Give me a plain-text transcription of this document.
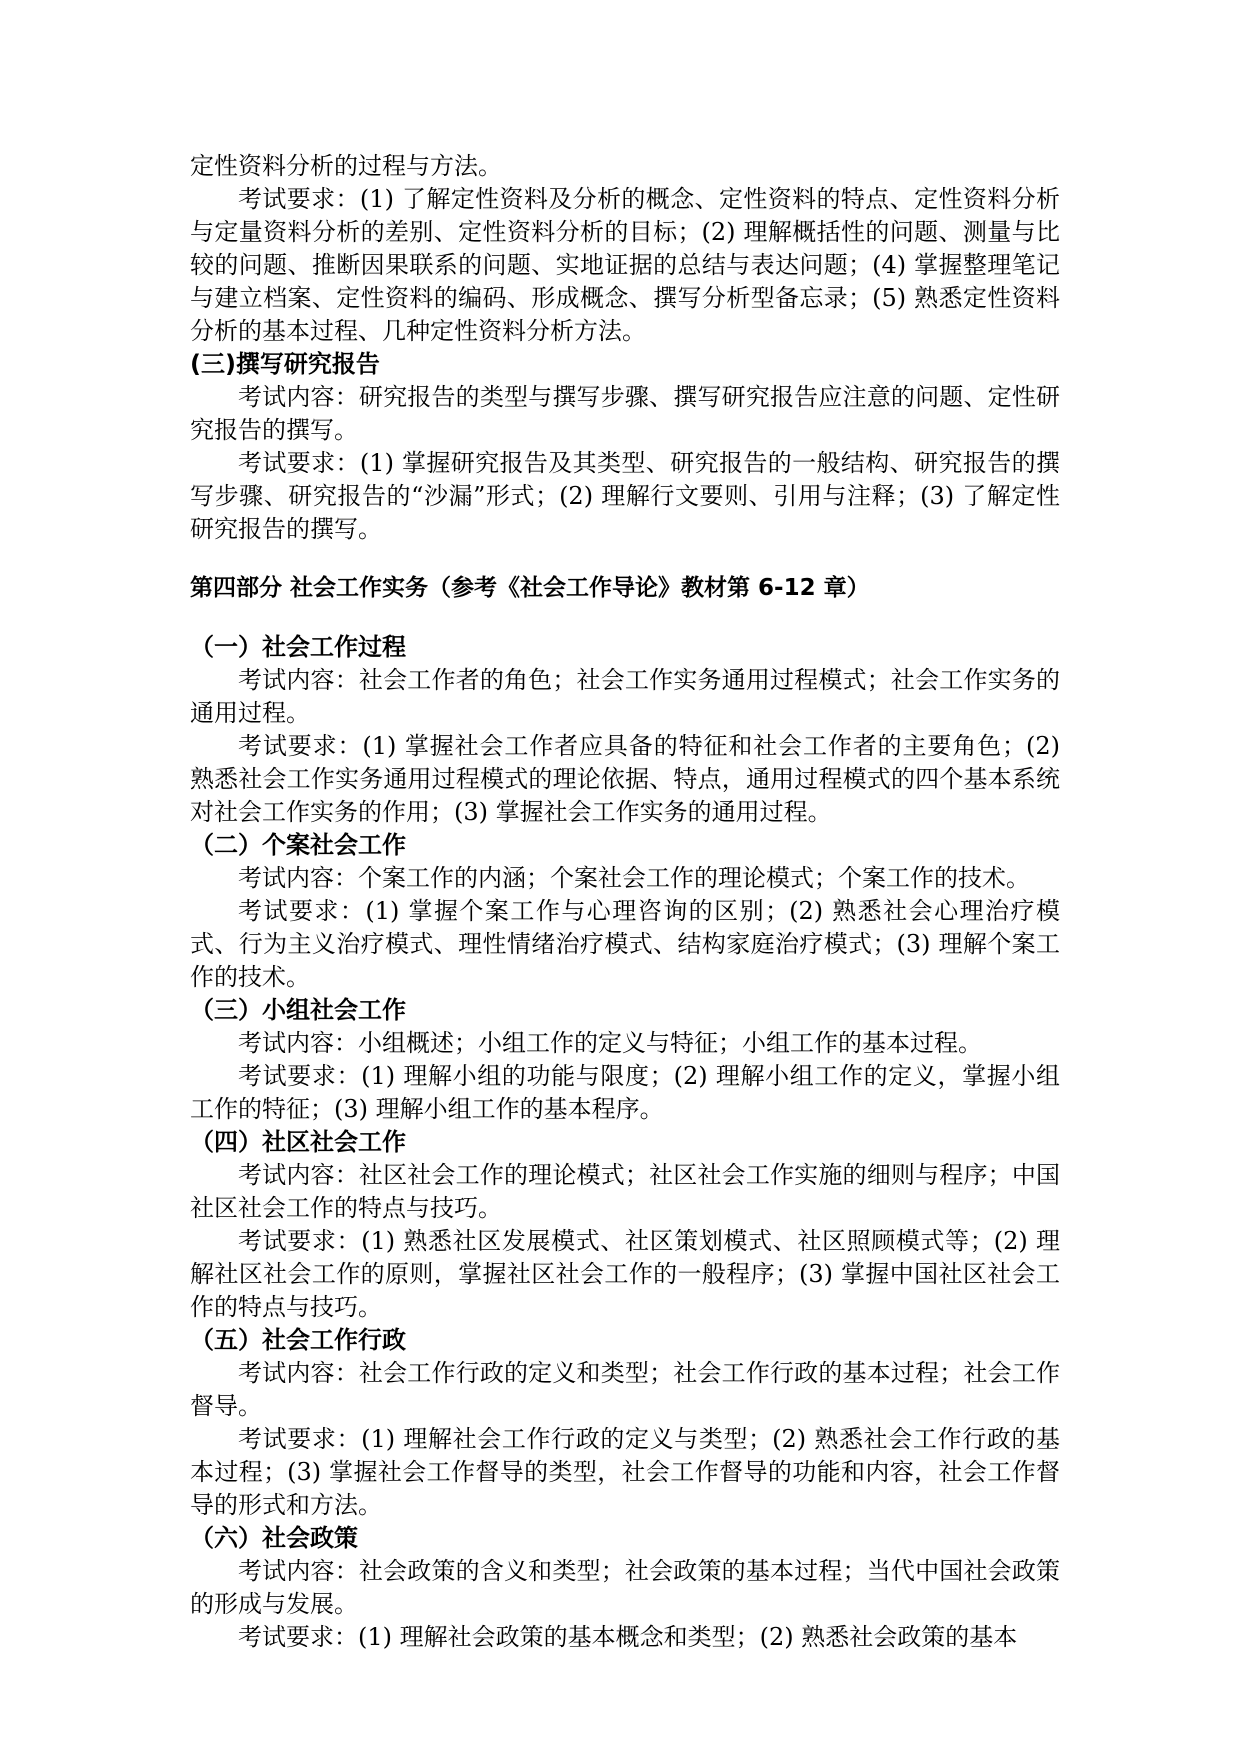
定性资料分析的过程与方法。

考试要求：(1) 了解定性资料及分析的概念、定性资料的特点、定性资料分析与定量资料分析的差别、定性资料分析的目标；(2) 理解概括性的问题、测量与比较的问题、推断因果联系的问题、实地证据的总结与表达问题；(4) 掌握整理笔记与建立档案、定性资料的编码、形成概念、撰写分析型备忘录；(5) 熟悉定性资料分析的基本过程、几种定性资料分析方法。

(三)撰写研究报告

考试内容：研究报告的类型与撰写步骤、撰写研究报告应注意的问题、定性研究报告的撰写。

考试要求：(1) 掌握研究报告及其类型、研究报告的一般结构、研究报告的撰写步骤、研究报告的“沙漏”形式；(2) 理解行文要则、引用与注释；(3) 了解定性研究报告的撰写。

第四部分 社会工作实务（参考《社会工作导论》教材第 6-12 章）

（一）社会工作过程

考试内容：社会工作者的角色；社会工作实务通用过程模式；社会工作实务的通用过程。

考试要求：(1) 掌握社会工作者应具备的特征和社会工作者的主要角色；(2) 熟悉社会工作实务通用过程模式的理论依据、特点，通用过程模式的四个基本系统对社会工作实务的作用；(3) 掌握社会工作实务的通用过程。

（二）个案社会工作

考试内容：个案工作的内涵；个案社会工作的理论模式；个案工作的技术。

考试要求：(1) 掌握个案工作与心理咨询的区别；(2) 熟悉社会心理治疗模式、行为主义治疗模式、理性情绪治疗模式、结构家庭治疗模式；(3) 理解个案工作的技术。

（三）小组社会工作

考试内容：小组概述；小组工作的定义与特征；小组工作的基本过程。

考试要求：(1) 理解小组的功能与限度；(2) 理解小组工作的定义，掌握小组工作的特征；(3) 理解小组工作的基本程序。

（四）社区社会工作

考试内容：社区社会工作的理论模式；社区社会工作实施的细则与程序；中国社区社会工作的特点与技巧。

考试要求：(1) 熟悉社区发展模式、社区策划模式、社区照顾模式等；(2) 理解社区社会工作的原则，掌握社区社会工作的一般程序；(3) 掌握中国社区社会工作的特点与技巧。

（五）社会工作行政

考试内容：社会工作行政的定义和类型；社会工作行政的基本过程；社会工作督导。

考试要求：(1) 理解社会工作行政的定义与类型；(2) 熟悉社会工作行政的基本过程；(3) 掌握社会工作督导的类型，社会工作督导的功能和内容，社会工作督导的形式和方法。

（六）社会政策

考试内容：社会政策的含义和类型；社会政策的基本过程；当代中国社会政策的形成与发展。

考试要求：(1) 理解社会政策的基本概念和类型；(2) 熟悉社会政策的基本
